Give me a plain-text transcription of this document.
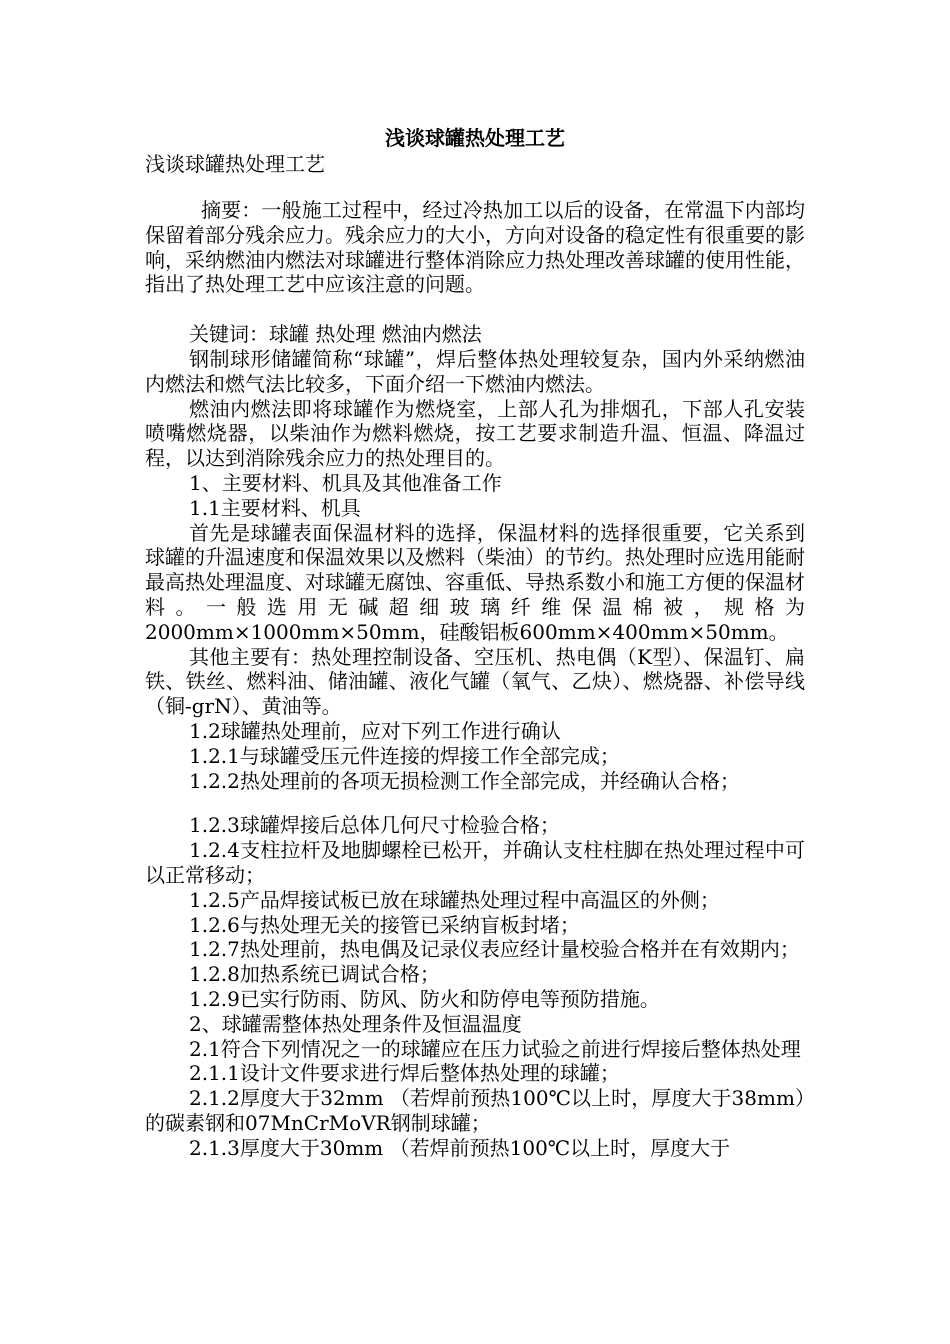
浅谈球罐热处理工艺
浅谈球罐热处理工艺

摘要：一般施工过程中，经过冷热加工以后的设备，在常温下内部均保留着部分残余应力。残余应力的大小，方向对设备的稳定性有很重要的影响，采纳燃油内燃法对球罐进行整体消除应力热处理改善球罐的使用性能，指出了热处理工艺中应该注意的问题。

关键词：球罐 热处理 燃油内燃法

钢制球形储罐简称“球罐”，焊后整体热处理较复杂，国内外采纳燃油内燃法和燃气法比较多，下面介绍一下燃油内燃法。

燃油内燃法即将球罐作为燃烧室，上部人孔为排烟孔，下部人孔安装喷嘴燃烧器，以柴油作为燃料燃烧，按工艺要求制造升温、恒温、降温过程，以达到消除残余应力的热处理目的。

1、主要材料、机具及其他准备工作

1.1主要材料、机具

首先是球罐表面保温材料的选择，保温材料的选择很重要，它关系到球罐的升温速度和保温效果以及燃料（柴油）的节约。热处理时应选用能耐最高热处理温度、对球罐无腐蚀、容重低、导热系数小和施工方便的保温材料。一般选用无碱超细玻璃纤维保温棉被，规格为2000mm×1000mm×50mm，硅酸铝板600mm×400mm×50mm。

其他主要有：热处理控制设备、空压机、热电偶（K型）、保温钉、扁铁、铁丝、燃料油、储油罐、液化气罐（氧气、乙炔）、燃烧器、补偿导线（铜-grN）、黄油等。

1.2球罐热处理前，应对下列工作进行确认

1.2.1与球罐受压元件连接的焊接工作全部完成；

1.2.2热处理前的各项无损检测工作全部完成，并经确认合格；

1.2.3球罐焊接后总体几何尺寸检验合格；

1.2.4支柱拉杆及地脚螺栓已松开，并确认支柱柱脚在热处理过程中可以正常移动；

1.2.5产品焊接试板已放在球罐热处理过程中高温区的外侧；

1.2.6与热处理无关的接管已采纳盲板封堵；

1.2.7热处理前，热电偶及记录仪表应经计量校验合格并在有效期内；

1.2.8加热系统已调试合格；

1.2.9已实行防雨、防风、防火和防停电等预防措施。

2、球罐需整体热处理条件及恒温温度

2.1符合下列情况之一的球罐应在压力试验之前进行焊接后整体热处理

2.1.1设计文件要求进行焊后整体热处理的球罐；

2.1.2厚度大于32mm （若焊前预热100℃以上时，厚度大于38mm）的碳素钢和07MnCrMoVR钢制球罐；

2.1.3厚度大于30mm （若焊前预热100℃以上时，厚度大于
